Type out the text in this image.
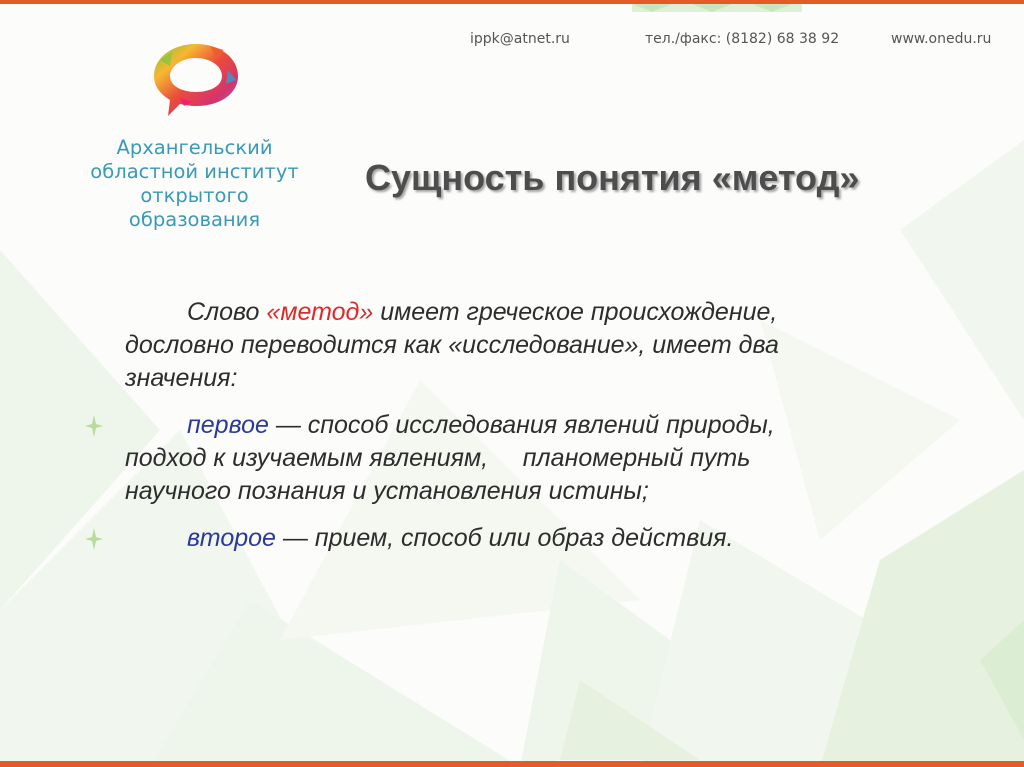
ippk@atnet.ru	тел./факс: (8182) 68 38 92	www.onedu.ru
Архангельский
областной институт
открытого
образования
Сущность понятия «метод»

Слово «метод» имеет греческое происхождение,
дословно переводится как «исследование», имеет два
значения:

первое — способ исследования явлений природы,
подход к изучаемым явлениям,     планомерный путь
научного познания и установления истины;

второе — прием, способ или образ действия.
